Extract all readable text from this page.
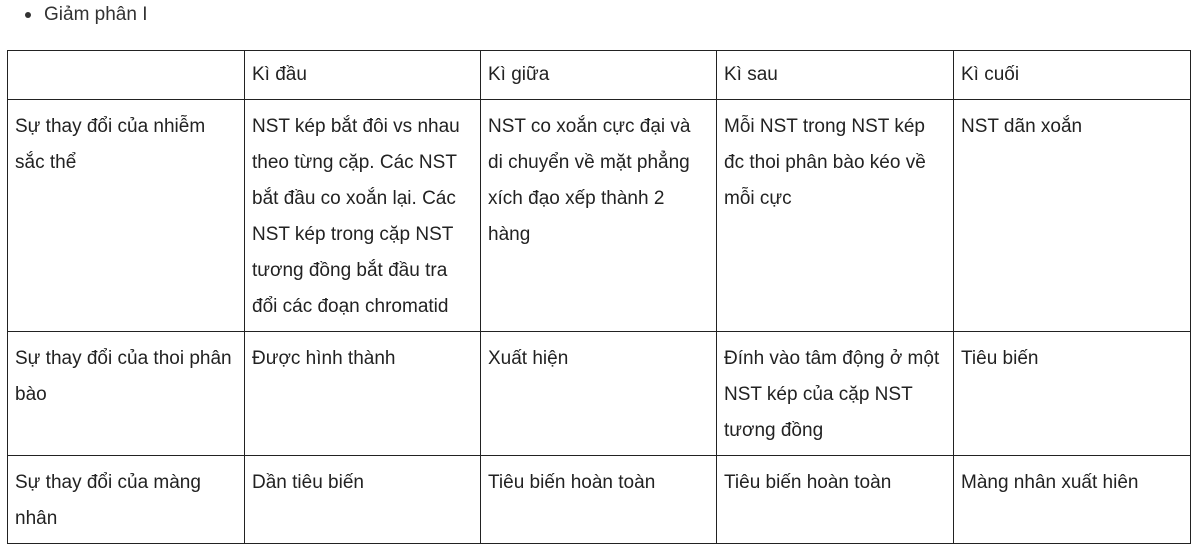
Giảm phân I
	Kì đầu	Kì giữa	Kì sau	Kì cuối
Sự thay đổi của nhiễm sắc thể	NST kép bắt đôi vs nhau theo từng cặp. Các NST bắt đầu co xoắn lại. Các NST kép trong cặp NST tương đồng bắt đầu tra đổi các đoạn chromatid	NST co xoắn cực đại và di chuyển về mặt phẳng xích đạo xếp thành 2 hàng	Mỗi NST trong NST kép đc thoi phân bào kéo về mỗi cực	NST dãn xoắn
Sự thay đổi của thoi phân bào	Được hình thành	Xuất hiện	Đính vào tâm động ở một NST kép của cặp NST tương đồng	Tiêu biến
Sự thay đổi của màng nhân	Dần tiêu biến	Tiêu biến hoàn toàn	Tiêu biến hoàn toàn	Màng nhân xuất hiên
